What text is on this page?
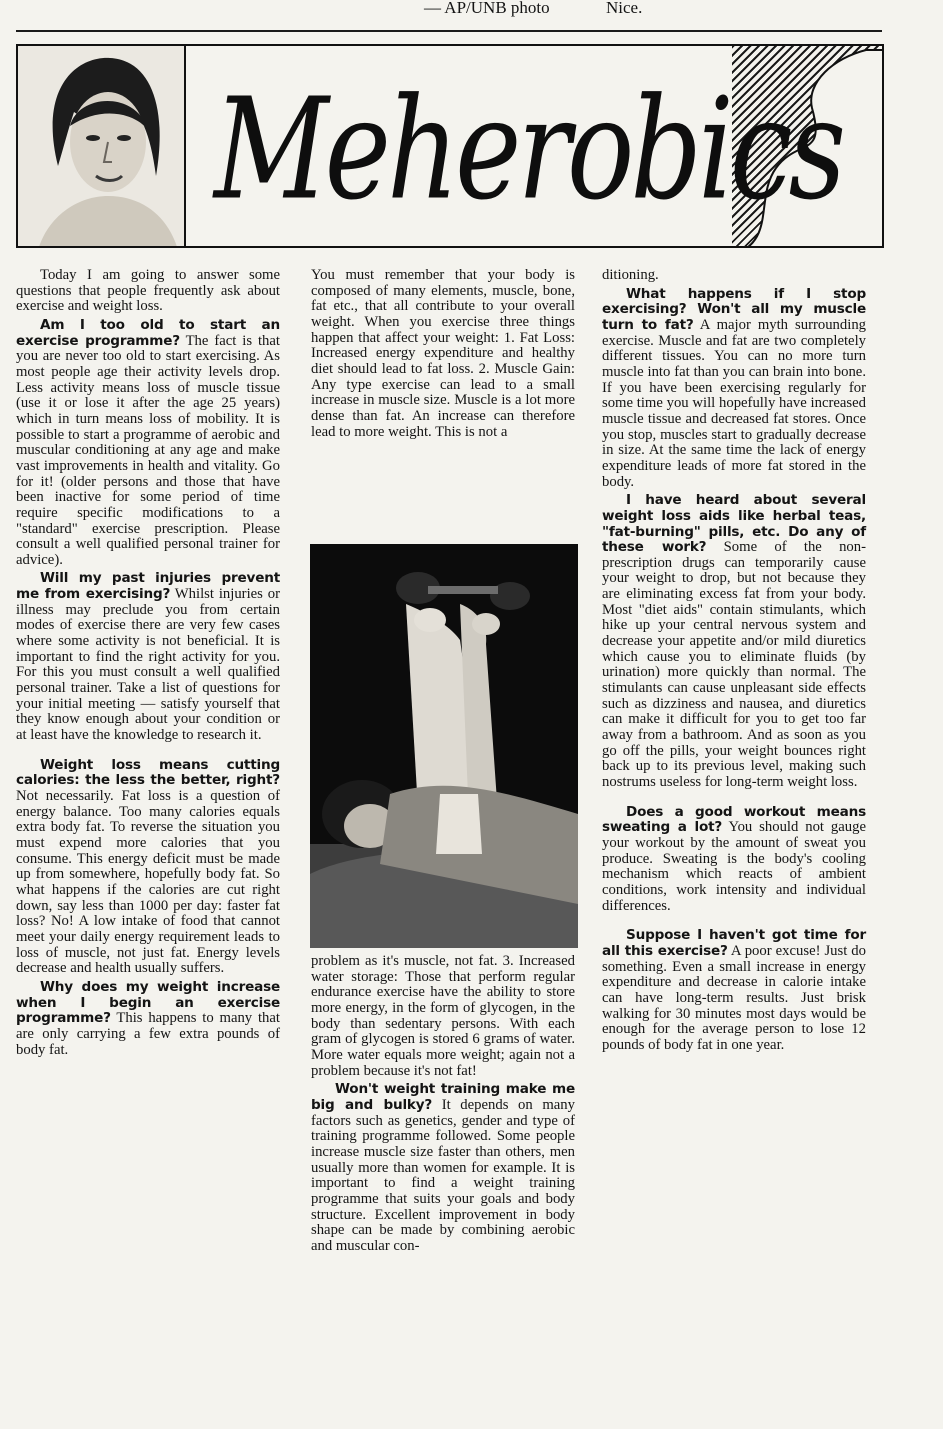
— AP/UNB photo	Nice.
Meherobics

Today I am going to answer some questions that people frequently ask about exercise and weight loss.

Am I too old to start an exercise programme? The fact is that you are never too old to start exercising. As most people age their activity levels drop. Less activity means loss of muscle tissue (use it or lose it after the age 25 years) which in turn means loss of mobility. It is possible to start a programme of aerobic and muscular conditioning at any age and make vast improvements in health and vitality. Go for it! (older persons and those that have been inactive for some period of time require specific modifications to a "standard" exercise prescription. Please consult a well qualified personal trainer for advice).

Will my past injuries prevent me from exercising? Whilst injuries or illness may preclude you from certain modes of exercise there are very few cases where some activity is not beneficial. It is important to find the right activity for you. For this you must consult a well qualified personal trainer. Take a list of questions for your initial meeting — satisfy yourself that they know enough about your condition or at least have the knowledge to research it.

Weight loss means cutting calories: the less the better, right? Not necessarily. Fat loss is a question of energy balance. Too many calories equals extra body fat. To reverse the situation you must expend more calories that you consume. This energy deficit must be made up from somewhere, hopefully body fat. So what happens if the calories are cut right down, say less than 1000 per day: faster fat loss? No! A low intake of food that cannot meet your daily energy requirement leads to loss of muscle, not just fat. Energy levels decrease and health usually suffers.

Why does my weight increase when I begin an exercise programme? This happens to many that are only carrying a few extra pounds of body fat.

You must remember that your body is composed of many elements, muscle, bone, fat etc., that all contribute to your overall weight. When you exercise three things happen that affect your weight: 1. Fat Loss: Increased energy expenditure and healthy diet should lead to fat loss. 2. Muscle Gain: Any type exercise can lead to a small increase in muscle size. Muscle is a lot more dense than fat. An increase can therefore lead to more weight. This is not a

problem as it's muscle, not fat. 3. Increased water storage: Those that perform regular endurance exercise have the ability to store more energy, in the form of glycogen, in the body than sedentary persons. With each gram of glycogen is stored 6 grams of water. More water equals more weight; again not a problem because it's not fat!

Won't weight training make me big and bulky? It depends on many factors such as genetics, gender and type of training programme followed. Some people increase muscle size faster than others, men usually more than women for example. It is important to find a weight training programme that suits your goals and body structure. Excellent improvement in body shape can be made by combining aerobic and muscular con-

ditioning.

What happens if I stop exercising? Won't all my muscle turn to fat? A major myth surrounding exercise. Muscle and fat are two completely different tissues. You can no more turn muscle into fat than you can brain into bone. If you have been exercising regularly for some time you will hopefully have increased muscle tissue and decreased fat stores. Once you stop, muscles start to gradually decrease in size. At the same time the lack of energy expenditure leads of more fat stored in the body.

I have heard about several weight loss aids like herbal teas, "fat-burning" pills, etc. Do any of these work? Some of the non-prescription drugs can temporarily cause your weight to drop, but not because they are eliminating excess fat from your body. Most "diet aids" contain stimulants, which hike up your central nervous system and decrease your appetite and/or mild diuretics which cause you to eliminate fluids (by urination) more quickly than normal. The stimulants can cause unpleasant side effects such as dizziness and nausea, and diuretics can make it difficult for you to get too far away from a bathroom. And as soon as you go off the pills, your weight bounces right back up to its previous level, making such nostrums useless for long-term weight loss.

Does a good workout means sweating a lot? You should not gauge your workout by the amount of sweat you produce. Sweating is the body's cooling mechanism which reacts of ambient conditions, work intensity and individual differences.

Suppose I haven't got time for all this exercise? A poor excuse! Just do something. Even a small increase in energy expenditure and decrease in calorie intake can have long-term results. Just brisk walking for 30 minutes most days would be enough for the average person to lose 12 pounds of body fat in one year.
